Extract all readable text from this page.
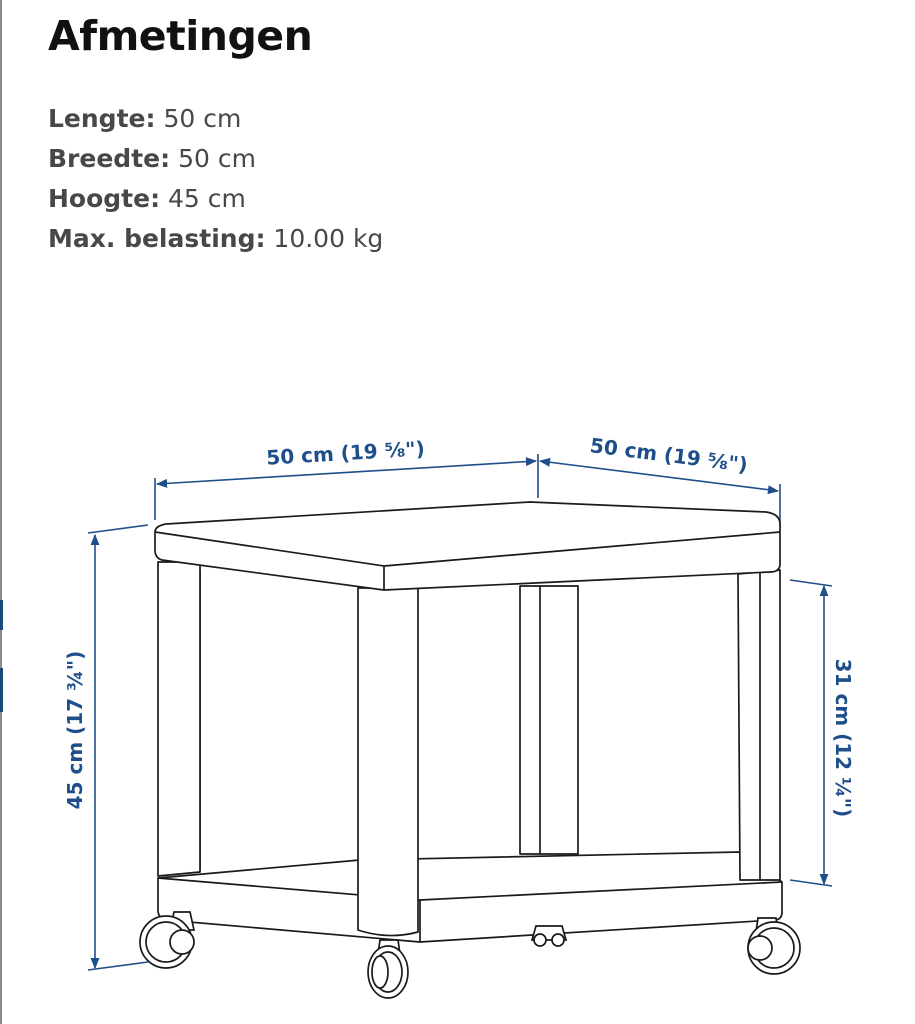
Afmetingen
Lengte: 50 cm
Breedte: 50 cm
Hoogte: 45 cm
Max. belasting: 10.00 kg
50 cm (19 ⅝")	50 cm (19 ⅝")
45 cm (17 ¾")	31 cm (12 ¼")
